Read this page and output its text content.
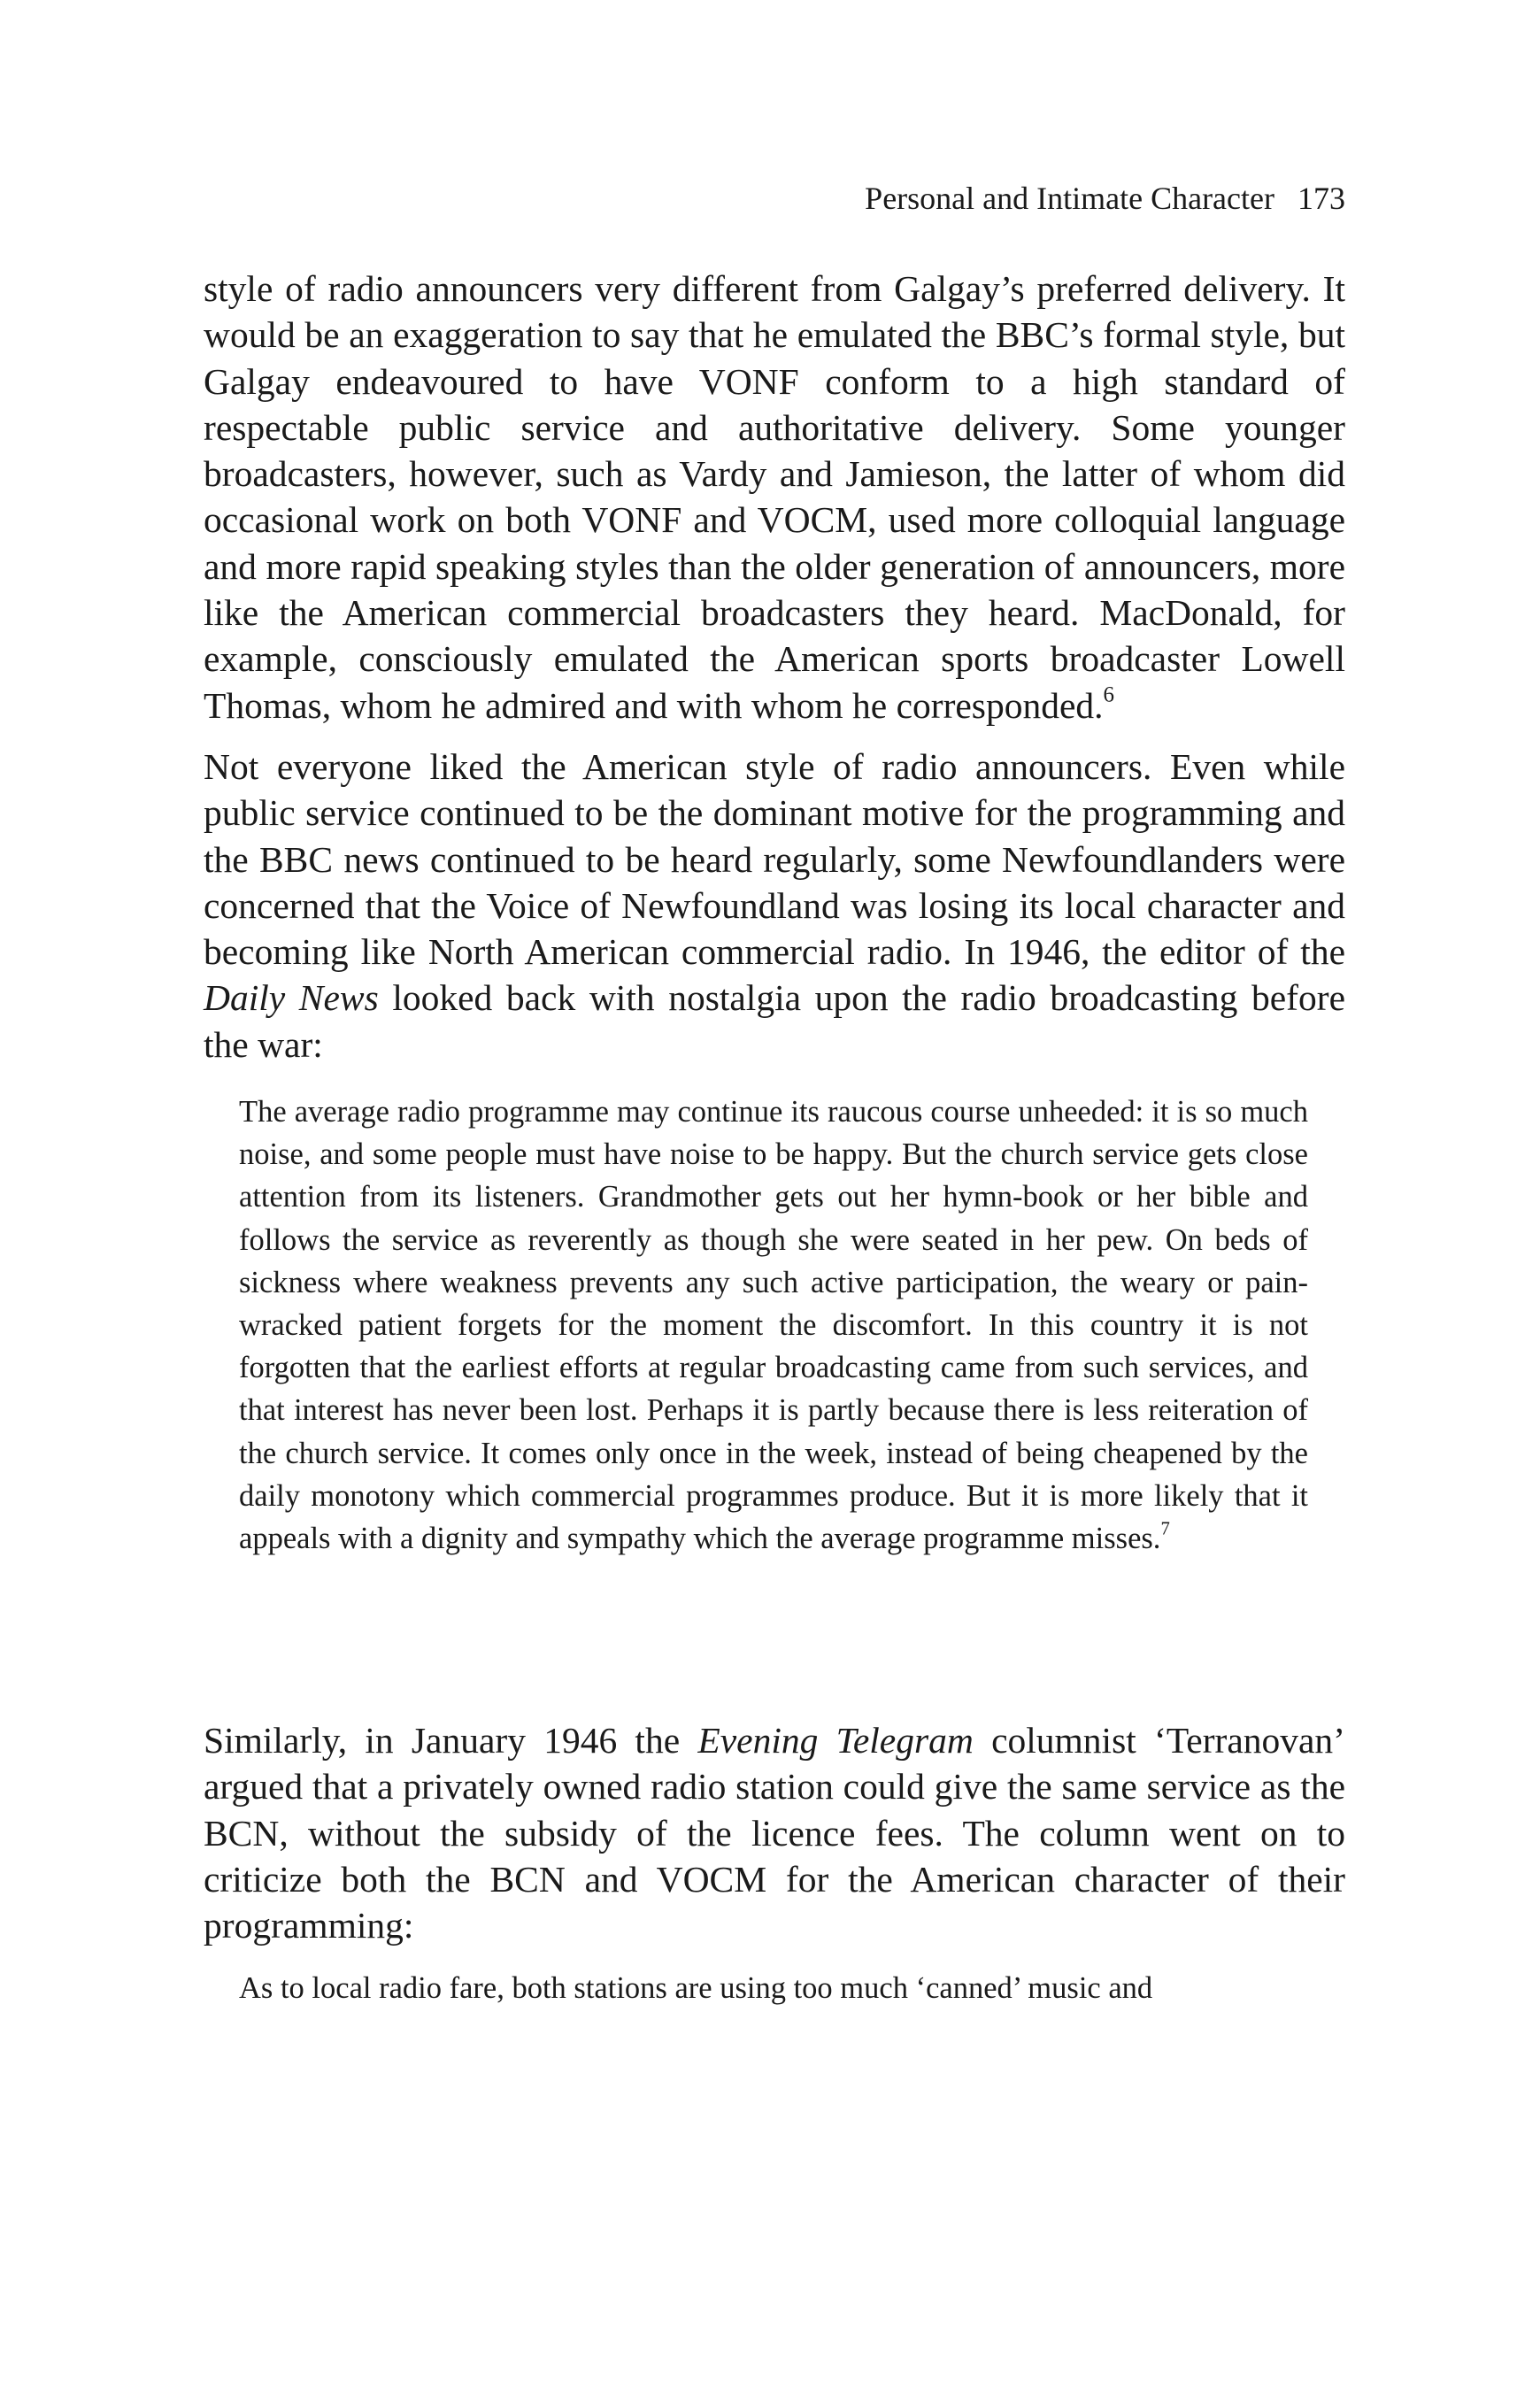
Personal and Intimate Character 173

style of radio announcers very different from Galgay’s preferred delivery. It would be an exaggeration to say that he emulated the BBC’s formal style, but Galgay endeavoured to have VONF conform to a high standard of respectable public service and authoritative delivery. Some younger broadcasters, however, such as Vardy and Jamieson, the latter of whom did occasional work on both VONF and VOCM, used more colloquial language and more rapid speaking styles than the older generation of announcers, more like the American commercial broadcasters they heard. MacDonald, for example, consciously emulated the American sports broadcaster Lowell Thomas, whom he admired and with whom he corresponded.$^6$

Not everyone liked the American style of radio announcers. Even while public service continued to be the dominant motive for the programming and the BBC news continued to be heard regularly, some Newfoundlanders were concerned that the Voice of Newfoundland was losing its local character and becoming like North American commercial radio. In 1946, the editor of the Daily News looked back with nostalgia upon the radio broadcasting before the war:

The average radio programme may continue its raucous course unheeded: it is so much noise, and some people must have noise to be happy. But the church service gets close attention from its listeners. Grandmother gets out her hymn-book or her bible and follows the service as reverently as though she were seated in her pew. On beds of sickness where weakness prevents any such active participation, the weary or pain-wracked patient forgets for the moment the discomfort. In this country it is not forgotten that the earliest efforts at regular broadcasting came from such services, and that interest has never been lost. Perhaps it is partly because there is less reiteration of the church service. It comes only once in the week, instead of being cheapened by the daily monotony which commercial programmes produce. But it is more likely that it appeals with a dignity and sympathy which the average programme misses.$^7$

Similarly, in January 1946 the Evening Telegram columnist ‘Terranovan’ argued that a privately owned radio station could give the same service as the BCN, without the subsidy of the licence fees. The column went on to criticize both the BCN and VOCM for the American character of their programming:

As to local radio fare, both stations are using too much ‘canned’ music and
